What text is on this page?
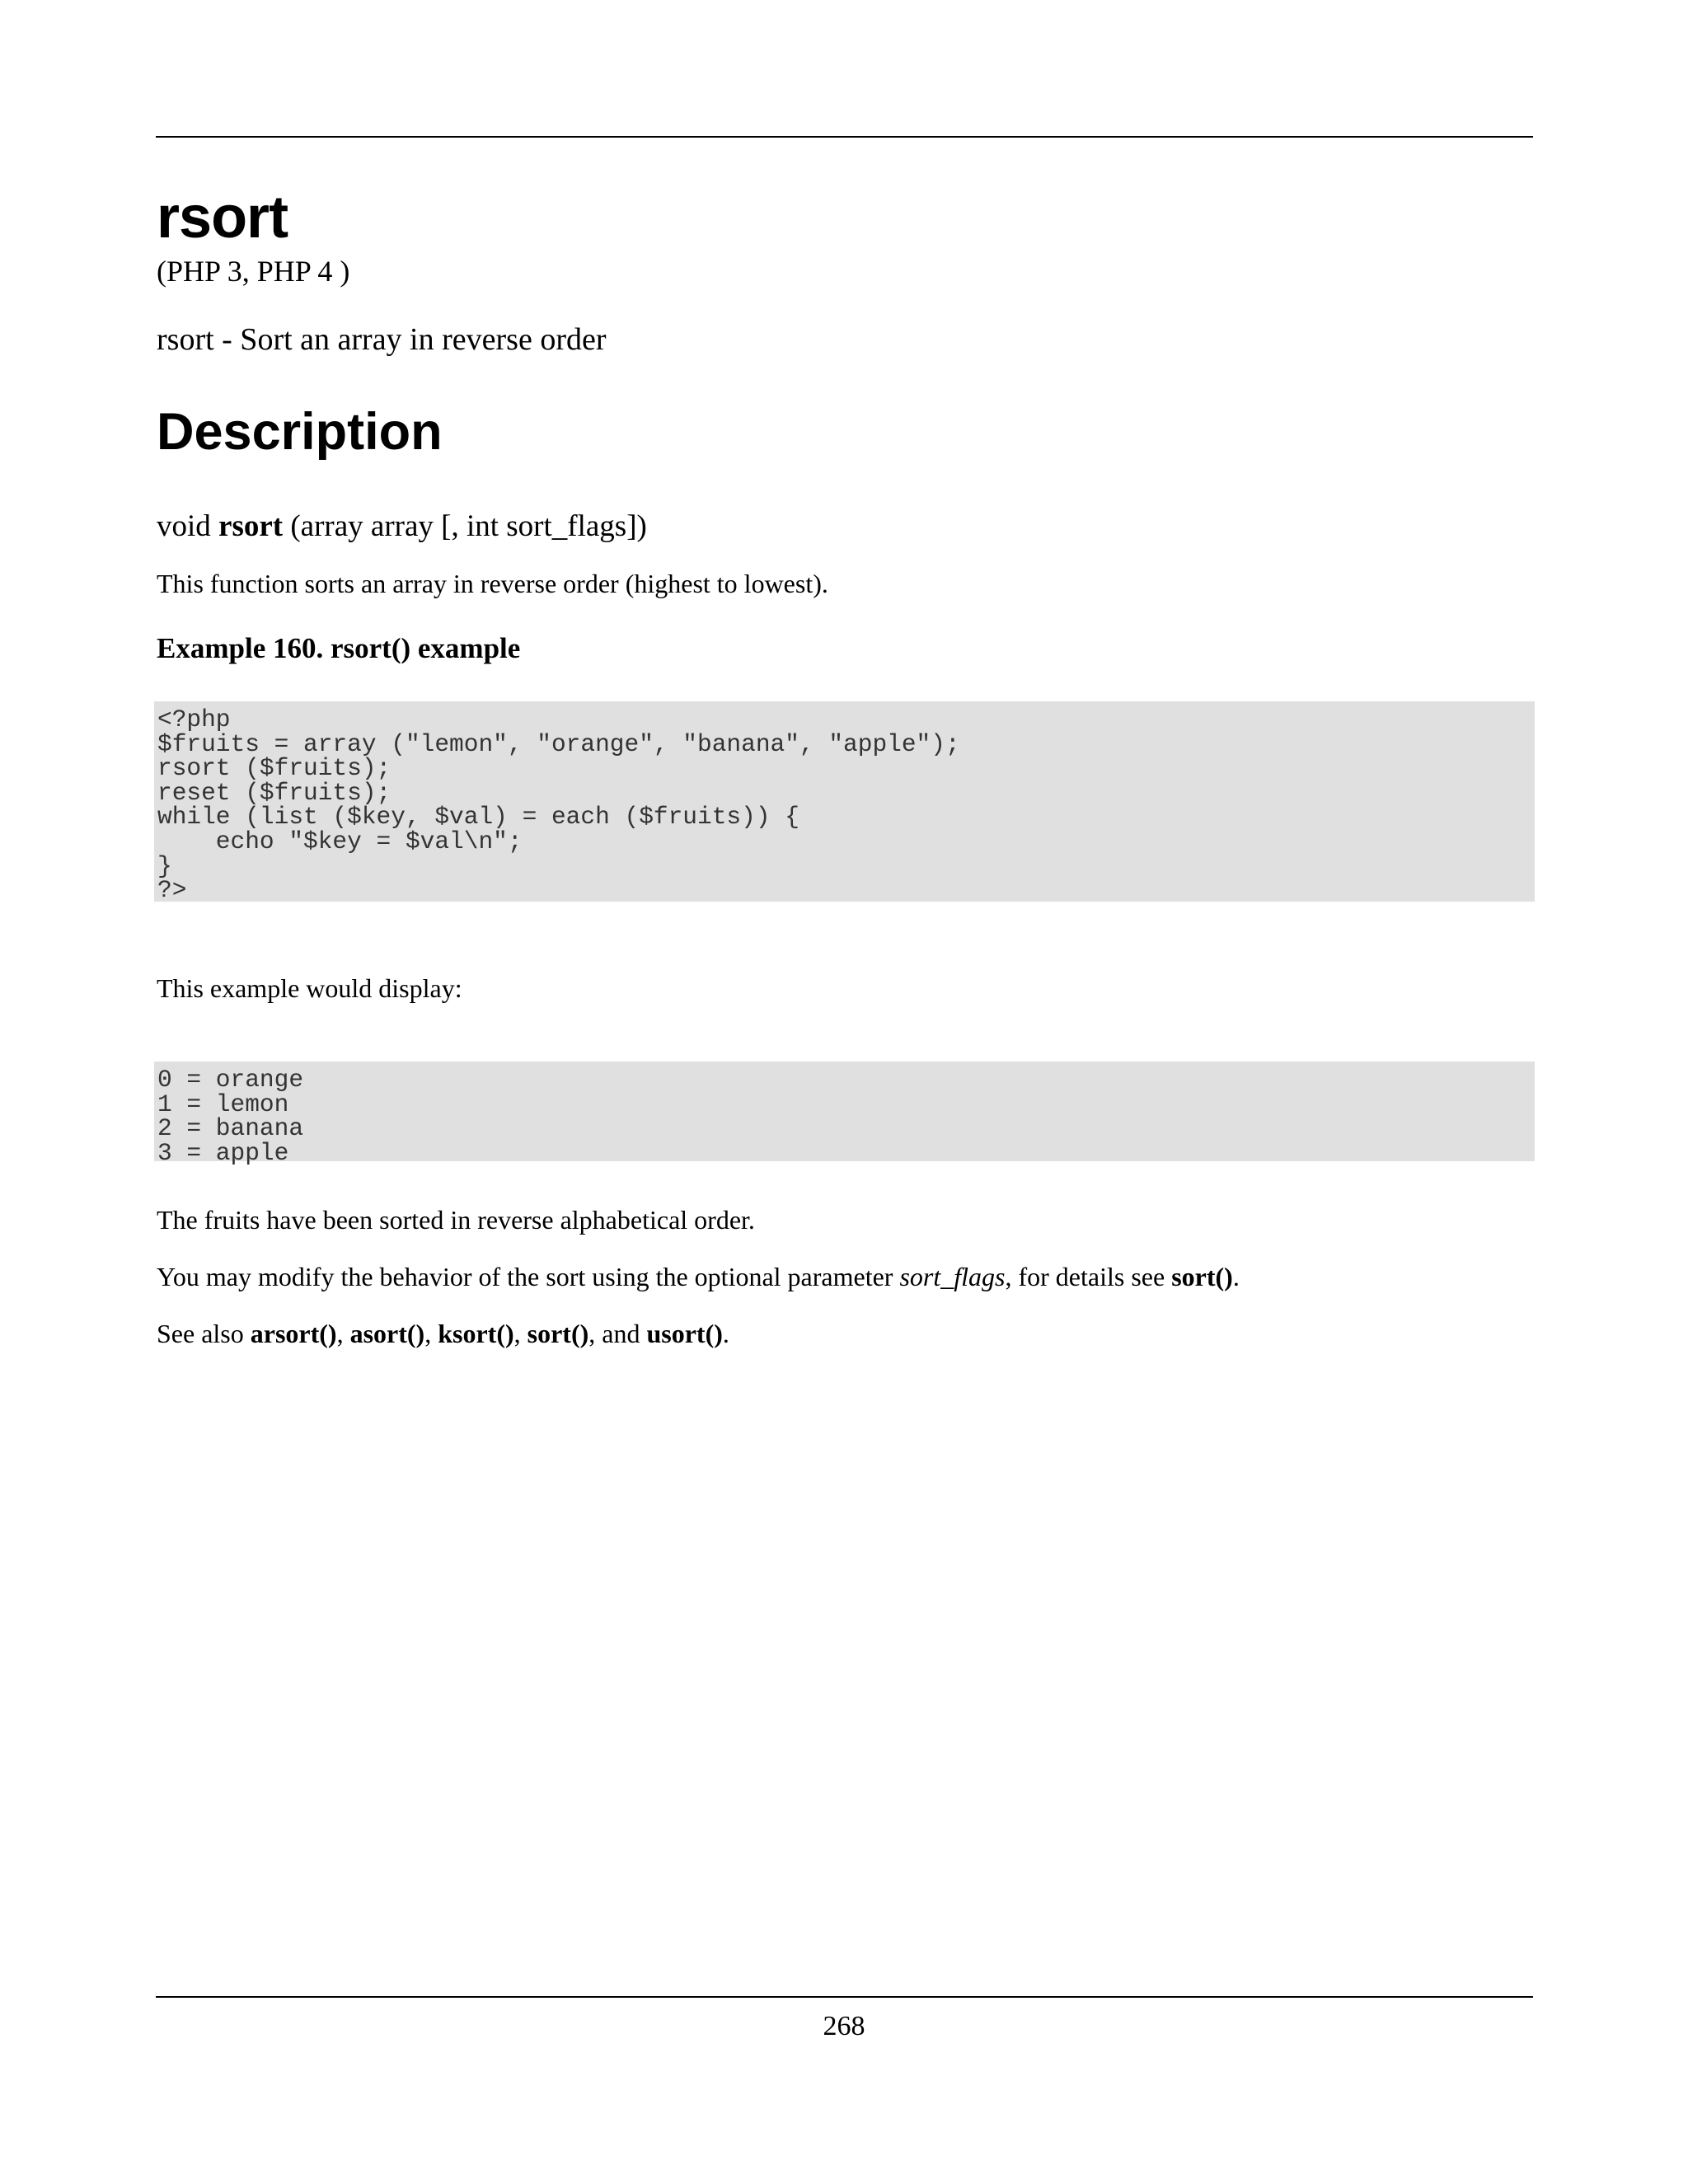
rsort
(PHP 3, PHP 4 )
rsort - Sort an array in reverse order
Description
void rsort (array array [, int sort_flags])
This function sorts an array in reverse order (highest to lowest).
Example 160. rsort() example
<?php
$fruits = array ("lemon", "orange", "banana", "apple");
rsort ($fruits);
reset ($fruits);
while (list ($key, $val) = each ($fruits)) {
echo "$key = $val\n";
}
?>
This example would display:
0 = orange
1 = lemon
2 = banana
3 = apple
The fruits have been sorted in reverse alphabetical order.
You may modify the behavior of the sort using the optional parameter sort_flags, for details see sort().
See also arsort(), asort(), ksort(), sort(), and usort().
268
